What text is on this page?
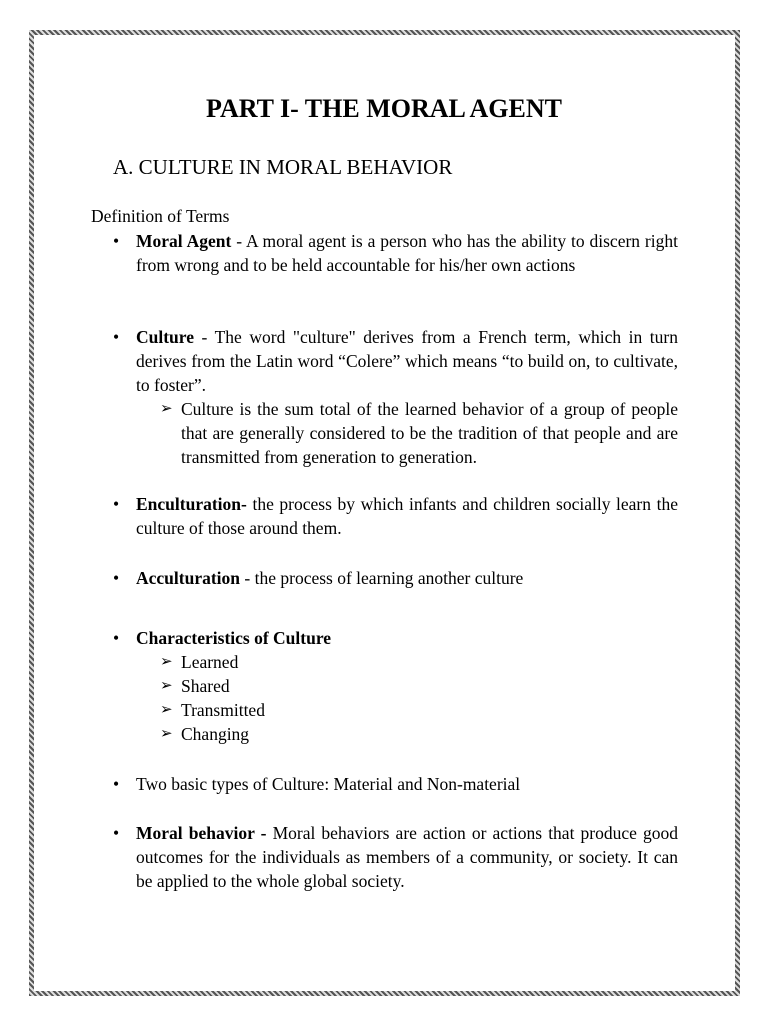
PART I- THE MORAL AGENT
A. CULTURE IN MORAL BEHAVIOR
Definition of Terms
• Moral Agent - A moral agent is a person who has the ability to discern right from wrong and to be held accountable for his/her own actions
• Culture - The word "culture" derives from a French term, which in turn derives from the Latin word “Colere” which means “to build on, to cultivate, to foster”.
➢ Culture is the sum total of the learned behavior of a group of people that are generally considered to be the tradition of that people and are transmitted from generation to generation.
• Enculturation- the process by which infants and children socially learn the culture of those around them.
• Acculturation - the process of learning another culture
• Characteristics of Culture
➢ Learned
➢ Shared
➢ Transmitted
➢ Changing
• Two basic types of Culture: Material and Non-material
• Moral behavior - Moral behaviors are action or actions that produce good outcomes for the individuals as members of a community, or society. It can be applied to the whole global society.
